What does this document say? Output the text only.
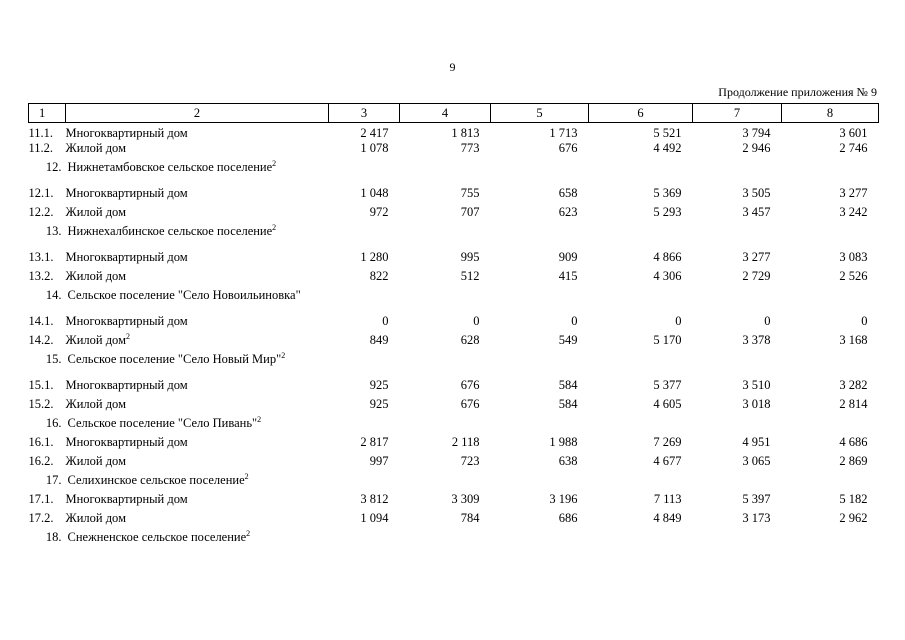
9
Продолжение приложения № 9
1	2	3	4	5	6	7	8
11.1.	Многоквартирный дом	2 417	1 813	1 713	5 521	3 794	3 601
11.2.	Жилой дом	1 078	773	676	4 492	2 946	2 746
12.	Нижнетамбовское сельское поселение$^2$						
12.1.	Многоквартирный дом	1 048	755	658	5 369	3 505	3 277
12.2.	Жилой дом	972	707	623	5 293	3 457	3 242
13.	Нижнехалбинское сельское поселение$^2$						
13.1.	Многоквартирный дом	1 280	995	909	4 866	3 277	3 083
13.2.	Жилой дом	822	512	415	4 306	2 729	2 526
14.	Сельское поселение "Село Новоильиновка"						
14.1.	Многоквартирный дом	0	0	0	0	0	0
14.2.	Жилой дом$^2$	849	628	549	5 170	3 378	3 168
15.	Сельское поселение "Село Новый Мир"$^2$						
15.1.	Многоквартирный дом	925	676	584	5 377	3 510	3 282
15.2.	Жилой дом	925	676	584	4 605	3 018	2 814
16.	Сельское поселение "Село Пивань"$^2$						
16.1.	Многоквартирный дом	2 817	2 118	1 988	7 269	4 951	4 686
16.2.	Жилой дом	997	723	638	4 677	3 065	2 869
17.	Селихинское сельское поселение$^2$						
17.1.	Многоквартирный дом	3 812	3 309	3 196	7 113	5 397	5 182
17.2.	Жилой дом	1 094	784	686	4 849	3 173	2 962
18.	Снежненское сельское поселение$^2$						
